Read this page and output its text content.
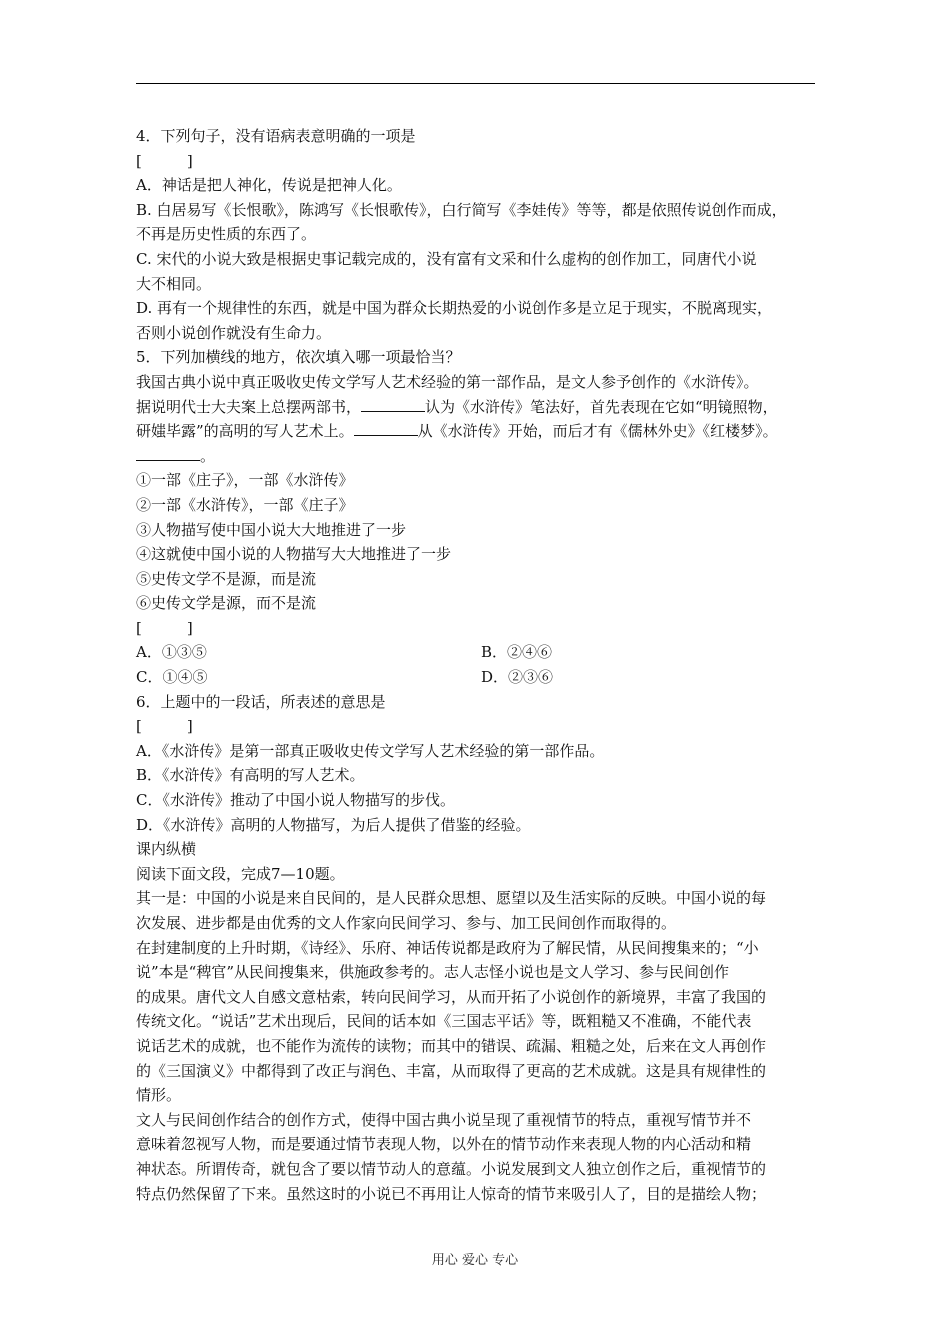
4．下列句子，没有语病表意明确的一项是
[　　　]
A．神话是把人神化，传说是把神人化。
B. 白居易写《长恨歌》，陈鸿写《长恨歌传》，白行简写《李娃传》等等，都是依照传说创作而成，
不再是历史性质的东西了。
C. 宋代的小说大致是根据史事记载完成的，没有富有文采和什么虚构的创作加工，同唐代小说
大不相同。
D. 再有一个规律性的东西，就是中国为群众长期热爱的小说创作多是立足于现实，不脱离现实，
否则小说创作就没有生命力。
5．下列加横线的地方，依次填入哪一项最恰当？
我国古典小说中真正吸收史传文学写人艺术经验的第一部作品，是文人参予创作的《水浒传》。
据说明代士大夫案上总摆两部书，	认为《水浒传》笔法好，首先表现在它如“明镜照物，
研媸毕露”的高明的写人艺术上。	从《水浒传》开始，而后才有《儒林外史》《红楼梦》。
。
①一部《庄子》，一部《水浒传》
②一部《水浒传》，一部《庄子》
③人物描写使中国小说大大地推进了一步
④这就使中国小说的人物描写大大地推进了一步
⑤史传文学不是源，而是流
⑥史传文学是源，而不是流
[　　　]
A．①③⑤	B．②④⑥
C．①④⑤	D．②③⑥
6．上题中的一段话，所表述的意思是
[　　　]
A．《水浒传》是第一部真正吸收史传文学写人艺术经验的第一部作品。
B．《水浒传》有高明的写人艺术。
C．《水浒传》推动了中国小说人物描写的步伐。
D．《水浒传》高明的人物描写，为后人提供了借鉴的经验。
课内纵横
阅读下面文段，完成7—10题。
其一是：中国的小说是来自民间的，是人民群众思想、愿望以及生活实际的反映。中国小说的每
次发展、进步都是由优秀的文人作家向民间学习、参与、加工民间创作而取得的。
在封建制度的上升时期，《诗经》、乐府、神话传说都是政府为了解民情，从民间搜集来的；“小
说”本是“稗官”从民间搜集来，供施政参考的。志人志怪小说也是文人学习、参与民间创作
的成果。唐代文人自感文意枯索，转向民间学习，从而开拓了小说创作的新境界，丰富了我国的
传统文化。“说话”艺术出现后，民间的话本如《三国志平话》等，既粗糙又不准确，不能代表
说话艺术的成就，也不能作为流传的读物；而其中的错误、疏漏、粗糙之处，后来在文人再创作
的《三国演义》中都得到了改正与润色、丰富，从而取得了更高的艺术成就。这是具有规律性的
情形。
文人与民间创作结合的创作方式，使得中国古典小说呈现了重视情节的特点，重视写情节并不
意味着忽视写人物，而是要通过情节表现人物，以外在的情节动作来表现人物的内心活动和精
神状态。所谓传奇，就包含了要以情节动人的意蕴。小说发展到文人独立创作之后，重视情节的
特点仍然保留了下来。虽然这时的小说已不再用让人惊奇的情节来吸引人了，目的是描绘人物；
用心 爱心 专心
